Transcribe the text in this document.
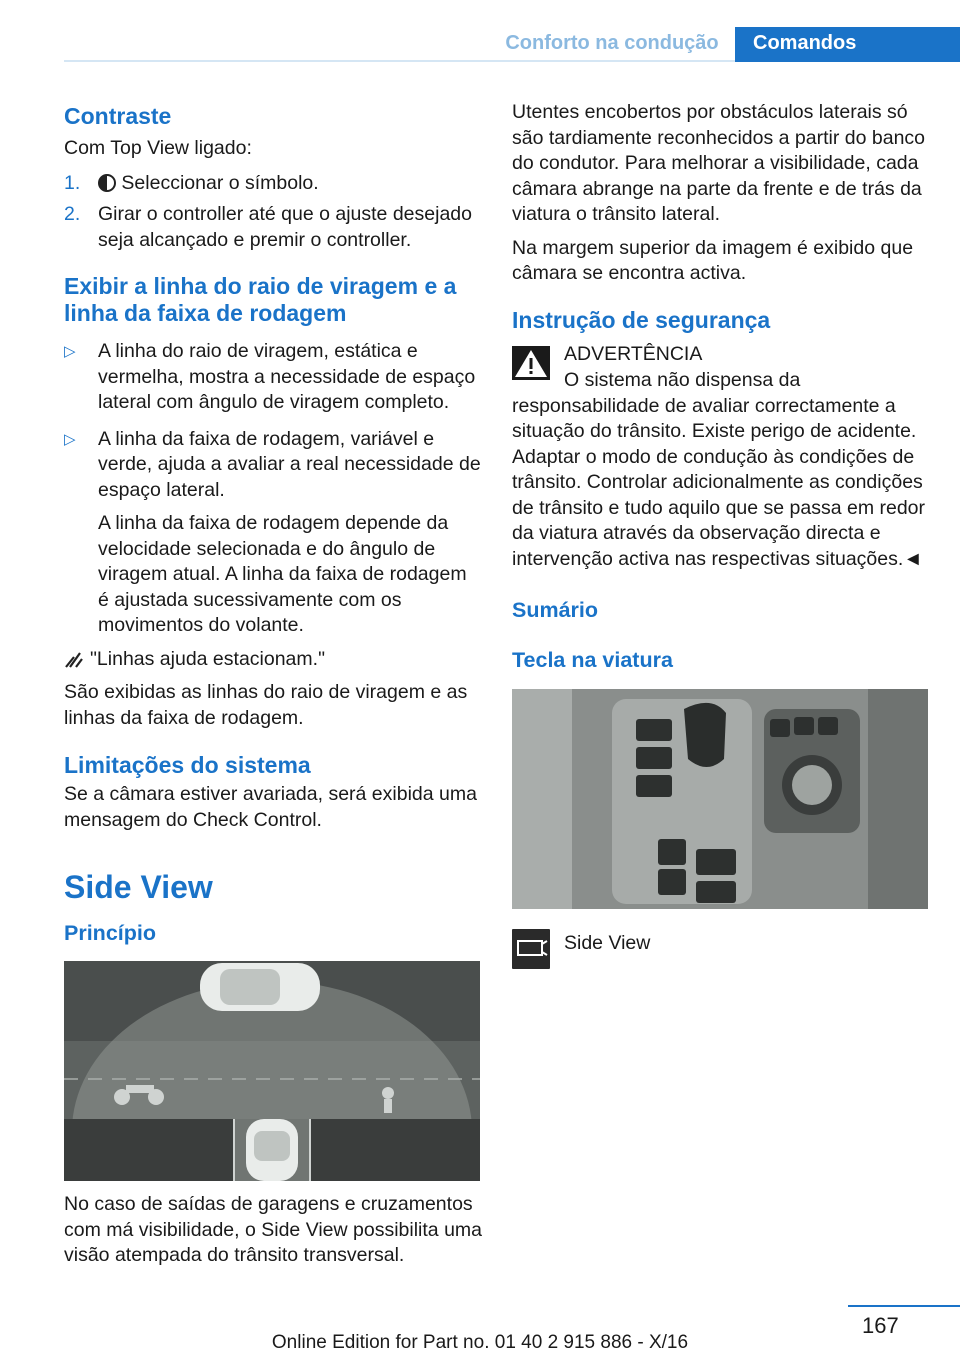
Conforto na condução	Comandos
Contraste

Com Top View ligado:

1. Seleccionar o símbolo.
2. Girar o controller até que o ajuste desejado seja alcançado e premir o controller.
Exibir a linha do raio de viragem e a linha da faixa de rodagem
▷ A linha do raio de viragem, estática e vermelha, mostra a necessidade de espaço lateral com ângulo de viragem completo.
▷ A linha da faixa de rodagem, variável e verde, ajuda a avaliar a real necessidade de espaço lateral.
A linha da faixa de rodagem depende da velocidade selecionada e do ângulo de viragem atual. A linha da faixa de rodagem é ajustada sucessivamente com os movimentos do volante.

"Linhas ajuda estacionam."

São exibidas as linhas do raio de viragem e as linhas da faixa de rodagem.

Limitações do sistema

Se a câmara estiver avariada, será exibida uma mensagem do Check Control.

Side View
Princípio

No caso de saídas de garagens e cruzamentos com má visibilidade, o Side View possibilita uma visão atempada do trânsito transversal.

Utentes encobertos por obstáculos laterais só são tardiamente reconhecidos a partir do banco do condutor. Para melhorar a visibilidade, cada câmara abrange na parte da frente e de trás da viatura o trânsito lateral.

Na margem superior da imagem é exibido que câmara se encontra activa.

Instrução de segurança

ADVERTÊNCIA

O sistema não dispensa da responsabilidade de avaliar correctamente a situação do trânsito. Existe perigo de acidente. Adaptar o modo de condução às condições de trânsito. Controlar adicionalmente as condições de trânsito e tudo aquilo que se passa em redor da viatura através da observação directa e intervenção activa nas respectivas situações.◄

Sumário
Tecla na viatura

Side View

167
Online Edition for Part no. 01 40 2 915 886 - X/16
